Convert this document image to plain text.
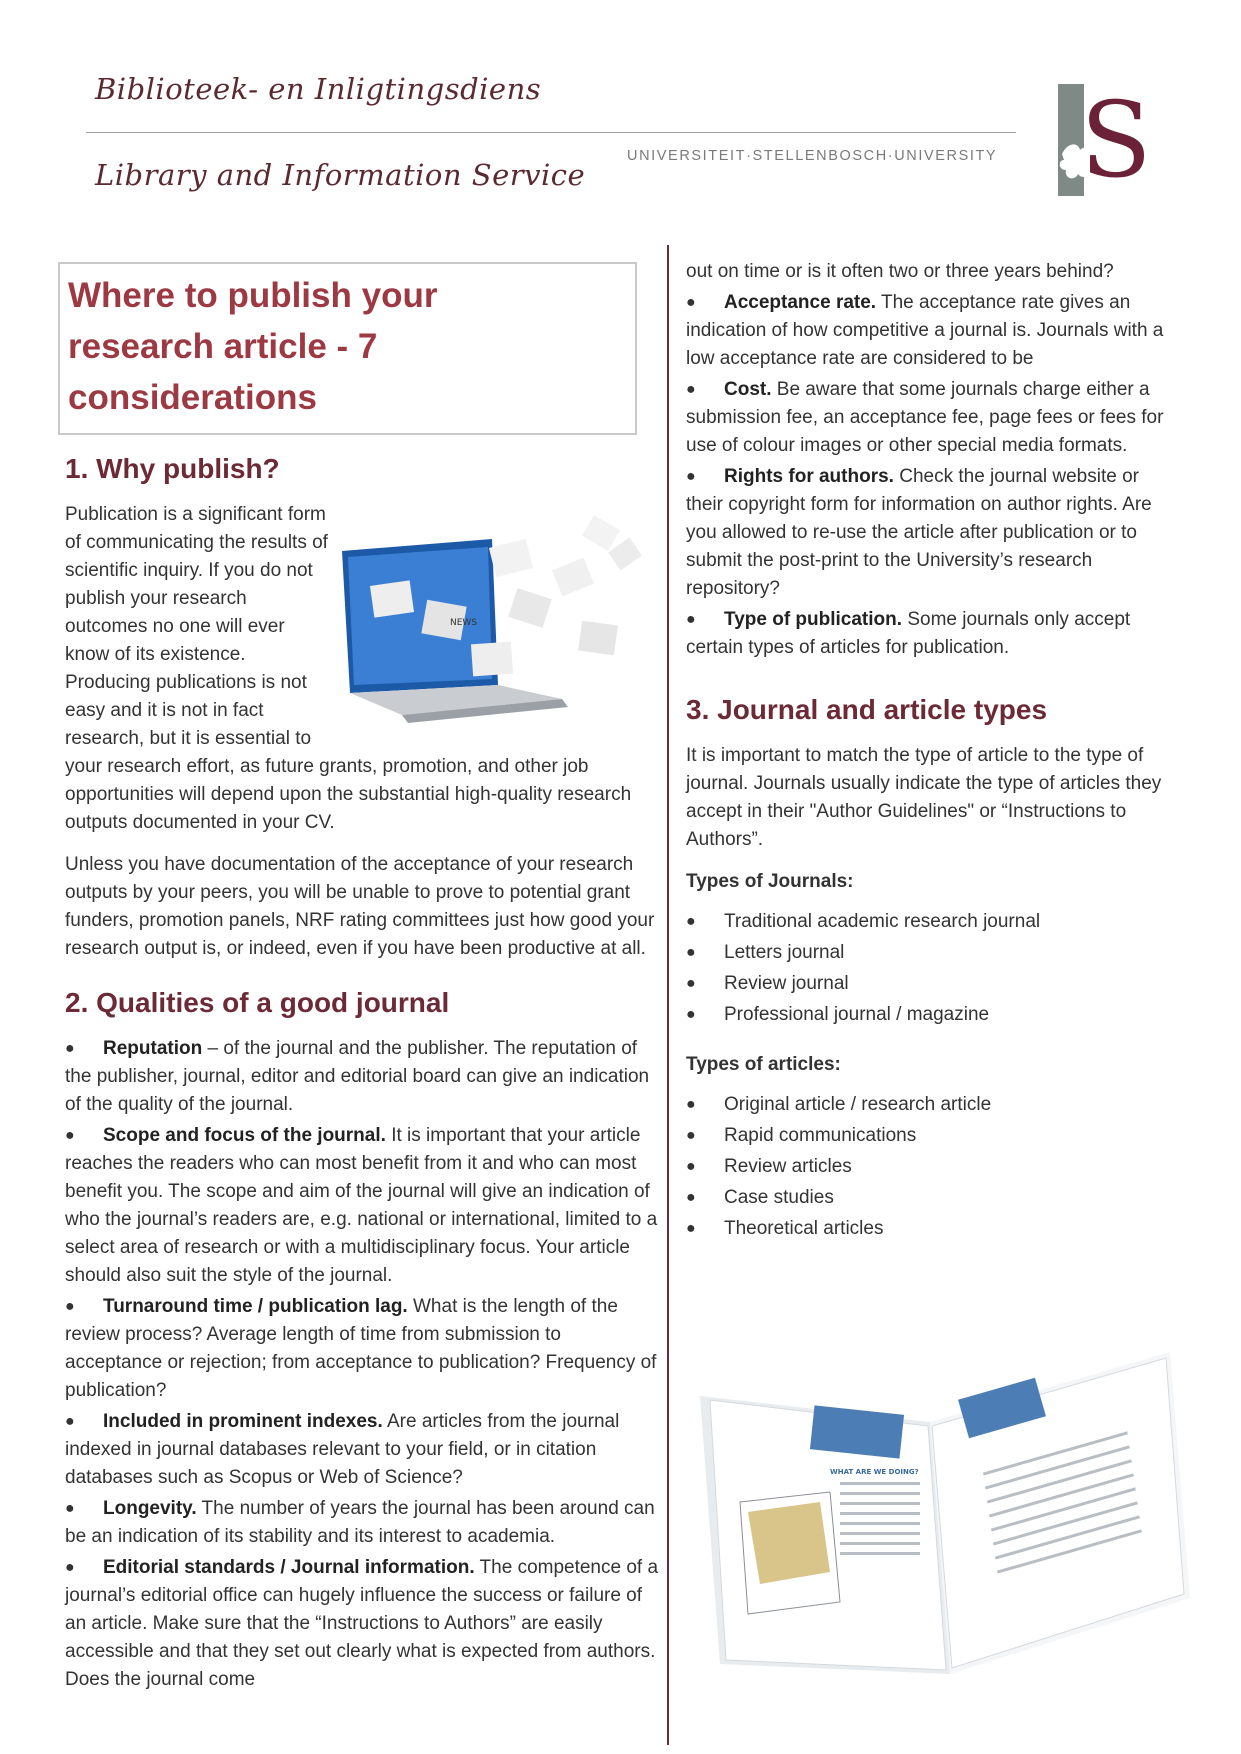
Biblioteek- en Inligtingsdiens
UNIVERSITEIT·STELLENBOSCH·UNIVERSITY
Library and Information Service	S
Where to publish your
research article - 7 considerations
1. Why publish?
NEWS

Publication is a significant form of communicating the results of scientific inquiry. If you do not publish your research outcomes no one will ever know of its existence. Producing publications is not easy and it is not in fact research, but it is essential to your research effort, as future grants, promotion, and other job opportunities will depend upon the substantial high-quality research outputs documented in your CV.

Unless you have documentation of the acceptance of your research outputs by your peers, you will be unable to prove to potential grant funders, promotion panels, NRF rating committees just how good your research output is, or indeed, even if you have been productive at all.

2. Qualities of a good journal
● Reputation – of the journal and the publisher. The reputation of the publisher, journal, editor and editorial board can give an indication of the quality of the journal.
● Scope and focus of the journal. It is important that your article reaches the readers who can most benefit from it and who can most benefit you. The scope and aim of the journal will give an indication of who the journal’s readers are, e.g. national or international, limited to a select area of research or with a multidisciplinary focus. Your article should also suit the style of the journal.
● Turnaround time / publication lag. What is the length of the review process? Average length of time from submission to acceptance or rejection; from acceptance to publication? Frequency of publication?
● Included in prominent indexes. Are articles from the journal indexed in journal databases relevant to your field, or in citation databases such as Scopus or Web of Science?
● Longevity. The number of years the journal has been around can be an indication of its stability and its interest to academia.
● Editorial standards / Journal information. The competence of a journal’s editorial office can hugely influence the success or failure of an article. Make sure that the “Instructions to Authors” are easily accessible and that they set out clearly what is expected from authors. Does the journal come
out on time or is it often two or three years behind?
● Acceptance rate. The acceptance rate gives an indication of how competitive a journal is. Journals with a low acceptance rate are considered to be
● Cost. Be aware that some journals charge either a submission fee, an acceptance fee, page fees or fees for use of colour images or other special media formats.
● Rights for authors. Check the journal website or their copyright form for information on author rights. Are you allowed to re-use the article after publication or to submit the post-print to the University’s research repository?
● Type of publication. Some journals only accept certain types of articles for publication.
3. Journal and article types

It is important to match the type of article to the type of journal. Journals usually indicate the type of articles they accept in their "Author Guidelines" or “Instructions to Authors”.

Types of Journals:
● Traditional academic research journal
● Letters journal
● Review journal
● Professional journal / magazine
Types of articles:
● Original article / research article
● Rapid communications
● Review articles
● Case studies
● Theoretical articles
WHAT ARE WE DOING?
